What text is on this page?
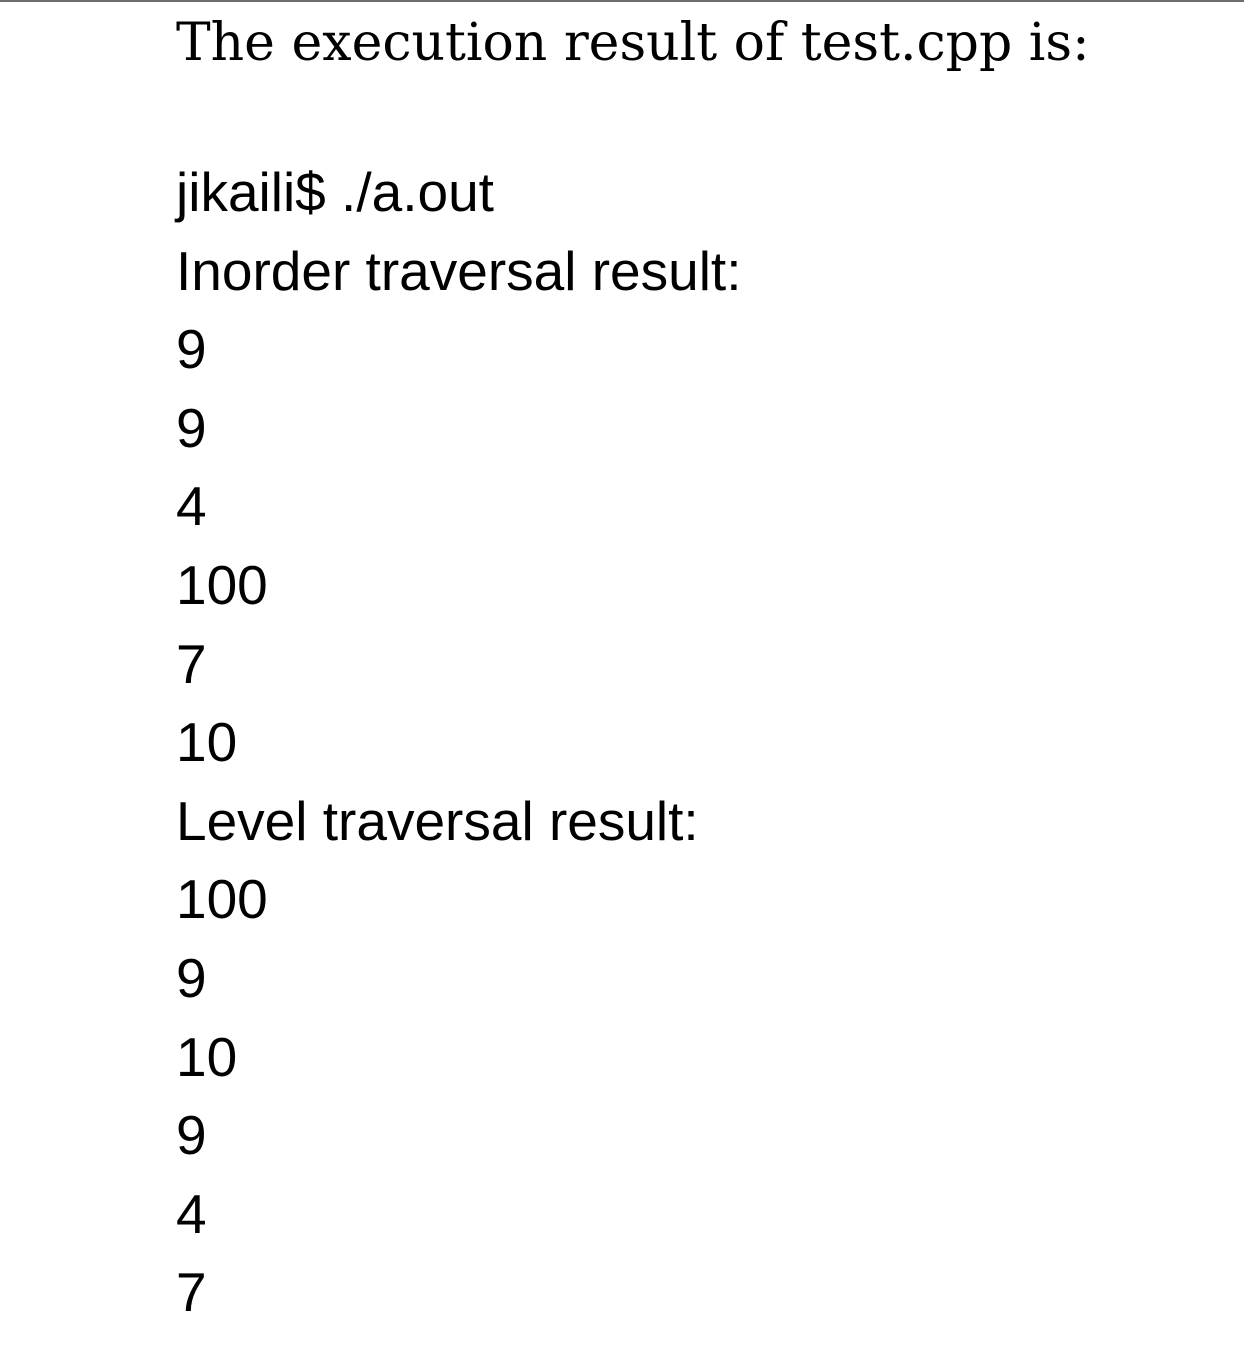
The execution result of test.cpp is:
jikaili$ ./a.out
Inorder traversal result:
9
9
4
100
7
10
Level traversal result:
100
9
10
9
4
7
